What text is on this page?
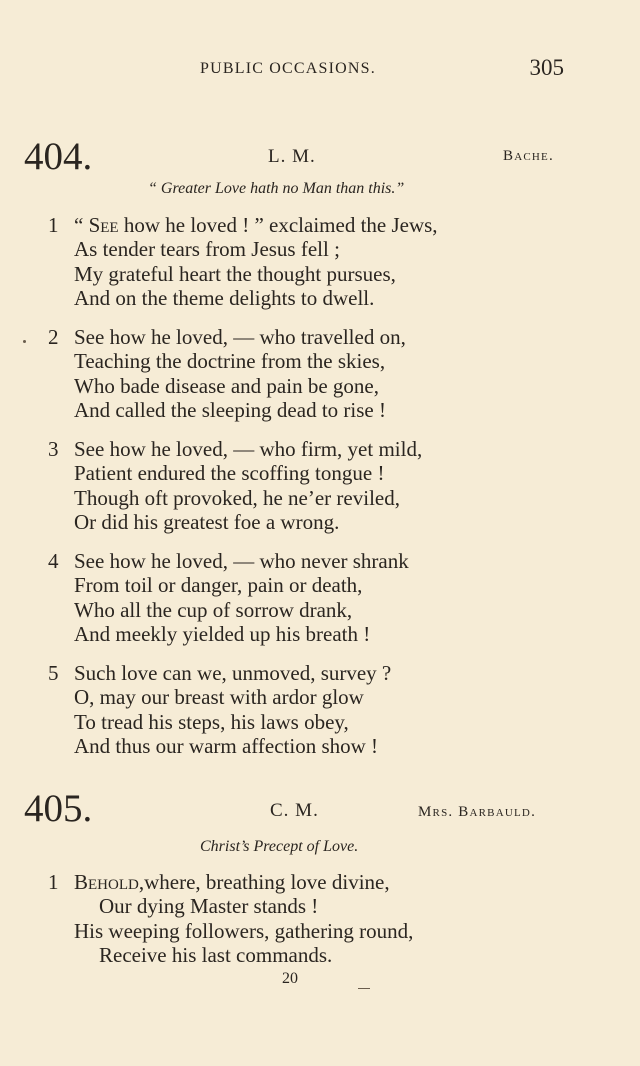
PUBLIC OCCASIONS.	305
404.	L. M.	Bache.
“ Greater Love hath no Man than this.”
1 “ See how he loved ! ” exclaimed the Jews,
As tender tears from Jesus fell ;
My grateful heart the thought pursues,
And on the theme delights to dwell.
2 See how he loved, — who travelled on,
Teaching the doctrine from the skies,
Who bade disease and pain be gone,
And called the sleeping dead to rise !
3 See how he loved, — who firm, yet mild,
Patient endured the scoffing tongue !
Though oft provoked, he ne’er reviled,
Or did his greatest foe a wrong.
4 See how he loved, — who never shrank
From toil or danger, pain or death,
Who all the cup of sorrow drank,
And meekly yielded up his breath !
5 Such love can we, unmoved, survey ?
O, may our breast with ardor glow
To tread his steps, his laws obey,
And thus our warm affection show !
405.	C. M.	Mrs. Barbauld.
Christ’s Precept of Love.
1 Behold,where, breathing love divine,
Our dying Master stands !
His weeping followers, gathering round,
Receive his last commands.
20
